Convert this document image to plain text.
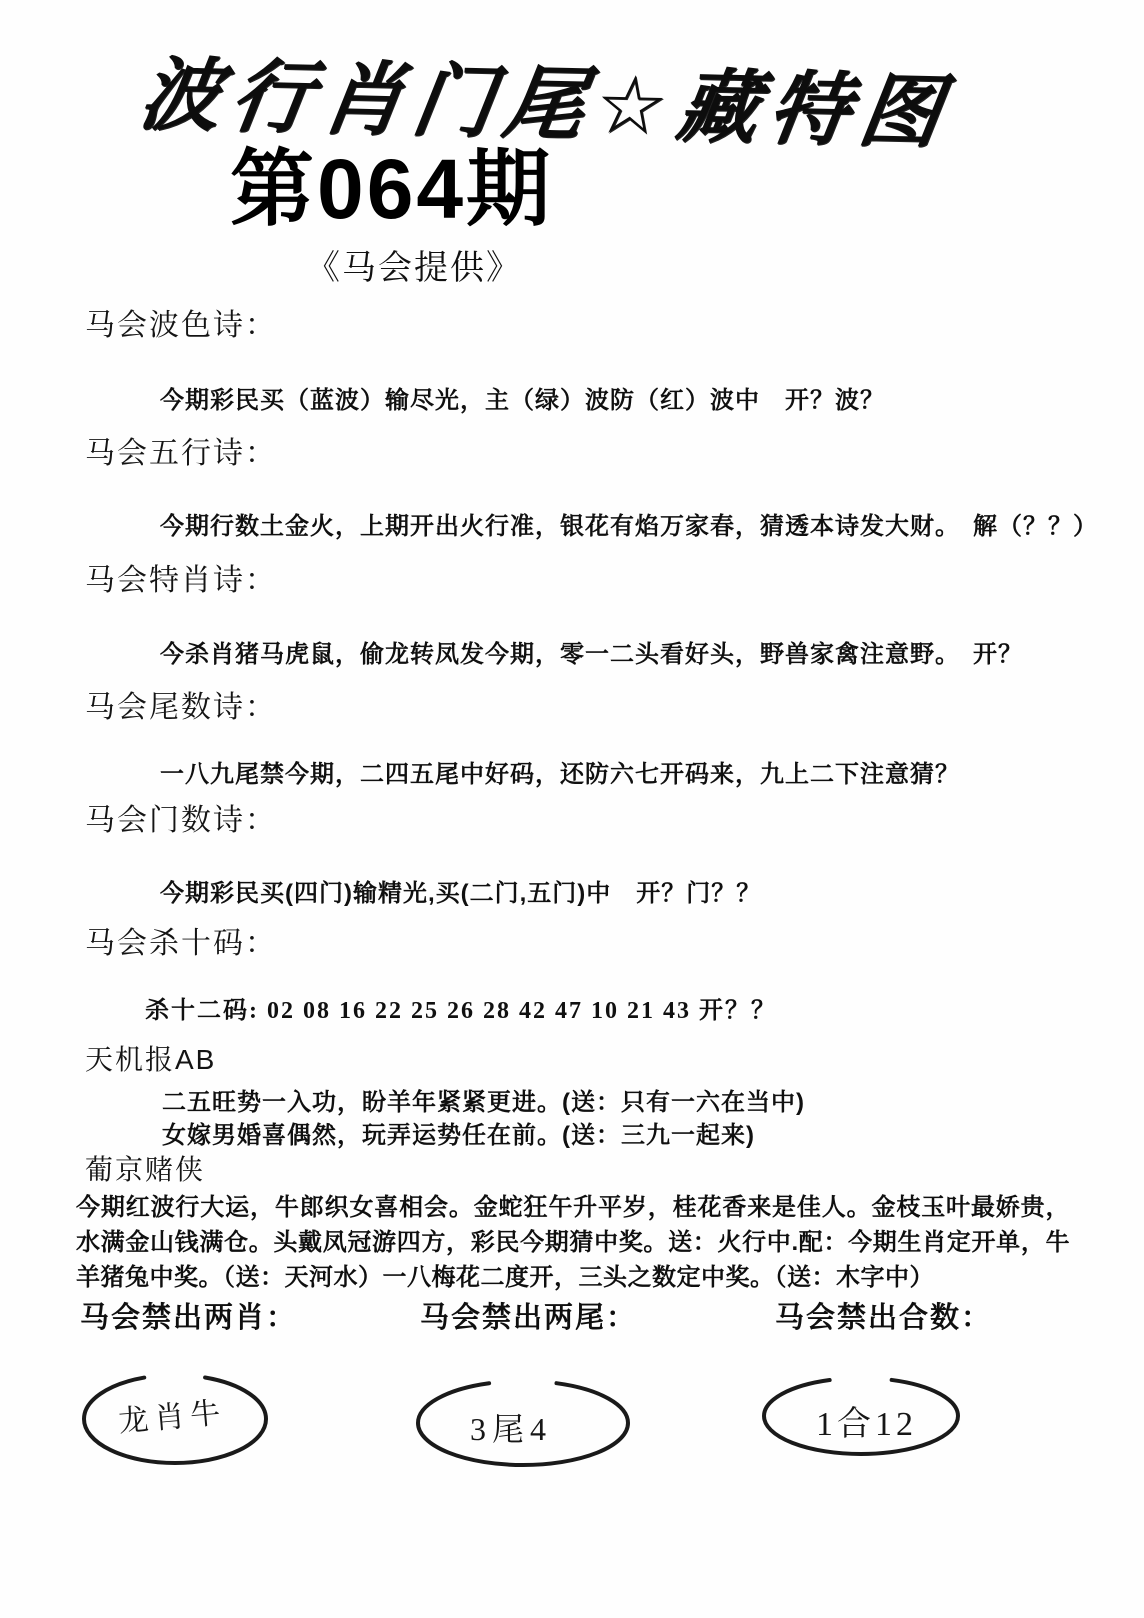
波行肖门尾☆藏特图
第064期
《马会提供》
马会波色诗：
今期彩民买（蓝波）输尽光，主（绿）波防（红）波中　开？波？
马会五行诗：
今期行数土金火，上期开出火行准，银花有焰万家春，猜透本诗发大财。　解（？？）
马会特肖诗：
今杀肖猪马虎鼠，偷龙转凤发今期，零一二头看好头，野兽家禽注意野。　开？
马会尾数诗：
一八九尾禁今期，二四五尾中好码，还防六七开码来，九上二下注意猜？
马会门数诗：
今期彩民买(四门)输精光,买(二门,五门)中　开？门？？
马会杀十码：
杀十二码: 02 08 16 22 25 26 28 42 47 10 21 43 开？？
天机报AB
二五旺势一入功，盼羊年紧紧更进。(送：只有一六在当中)
女嫁男婚喜偶然，玩弄运势任在前。(送：三九一起来)
葡京赌侠
今期红波行大运，牛郎织女喜相会。金蛇狂午升平岁，桂花香来是佳人。金枝玉叶最娇贵，水满金山钱满仓。头戴凤冠游四方，彩民今期猜中奖。送：火行中.配：今期生肖定开单，牛羊猪兔中奖。（送：天河水）一八梅花二度开，三头之数定中奖。（送：木字中）
马会禁出两肖：	马会禁出两尾：	马会禁出合数：
龙肖牛	3尾4	1合12
